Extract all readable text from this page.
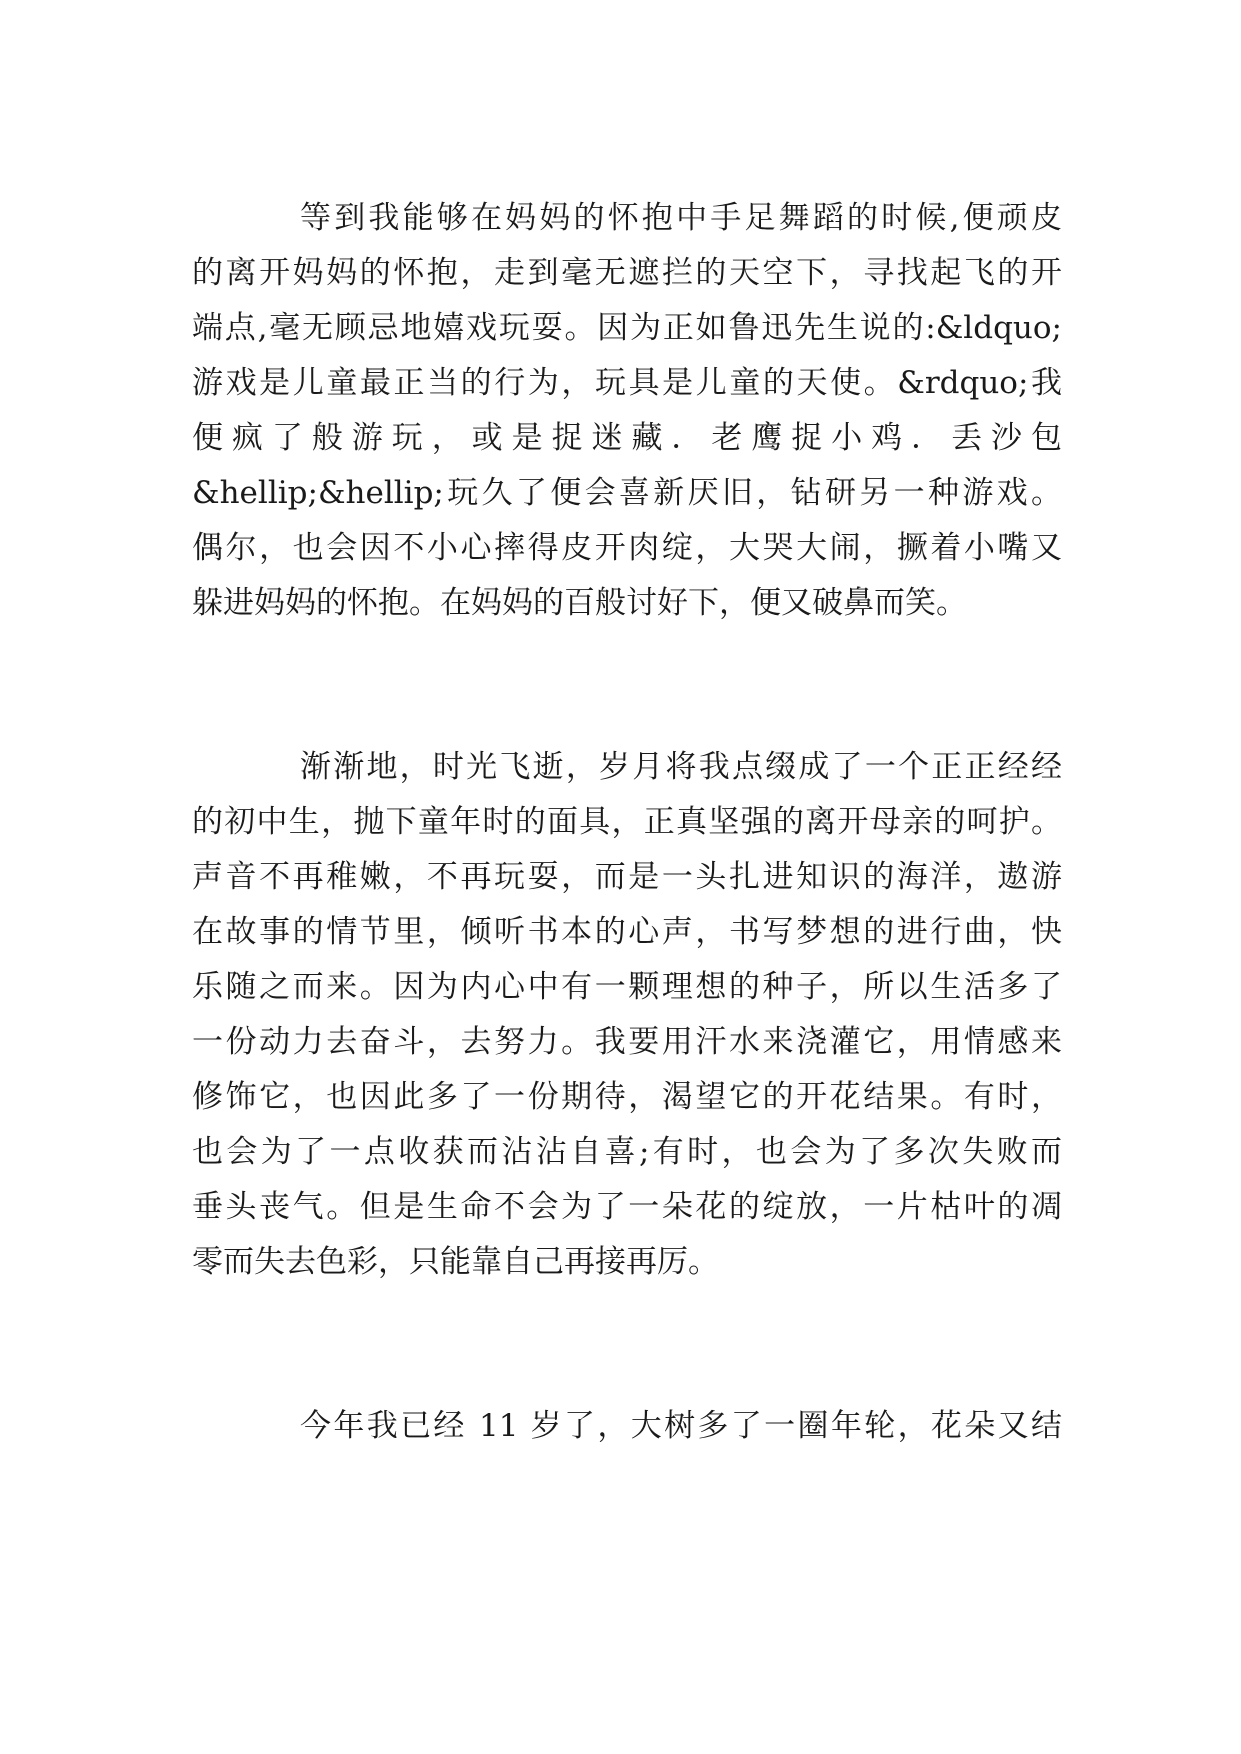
等到我能够在妈妈的怀抱中手足舞蹈的时候,便顽皮
的离开妈妈的怀抱，走到毫无遮拦的天空下，寻找起飞的开
端点,毫无顾忌地嬉戏玩耍。因为正如鲁迅先生说的:&ldquo;
游戏是儿童最正当的行为，玩具是儿童的天使。&rdquo;我
便疯了般游玩，或是捉迷藏．老鹰捉小鸡．丢沙包
&hellip;&hellip;玩久了便会喜新厌旧，钻研另一种游戏。
偶尔，也会因不小心摔得皮开肉绽，大哭大闹，撅着小嘴又
躲进妈妈的怀抱。在妈妈的百般讨好下，便又破鼻而笑。
渐渐地，时光飞逝，岁月将我点缀成了一个正正经经
的初中生，抛下童年时的面具，正真坚强的离开母亲的呵护。
声音不再稚嫩，不再玩耍，而是一头扎进知识的海洋，遨游
在故事的情节里，倾听书本的心声，书写梦想的进行曲，快
乐随之而来。因为内心中有一颗理想的种子，所以生活多了
一份动力去奋斗，去努力。我要用汗水来浇灌它，用情感来
修饰它，也因此多了一份期待，渴望它的开花结果。有时，
也会为了一点收获而沾沾自喜;有时，也会为了多次失败而
垂头丧气。但是生命不会为了一朵花的绽放，一片枯叶的凋
零而失去色彩，只能靠自己再接再厉。
今年我已经 11 岁了，大树多了一圈年轮，花朵又结
